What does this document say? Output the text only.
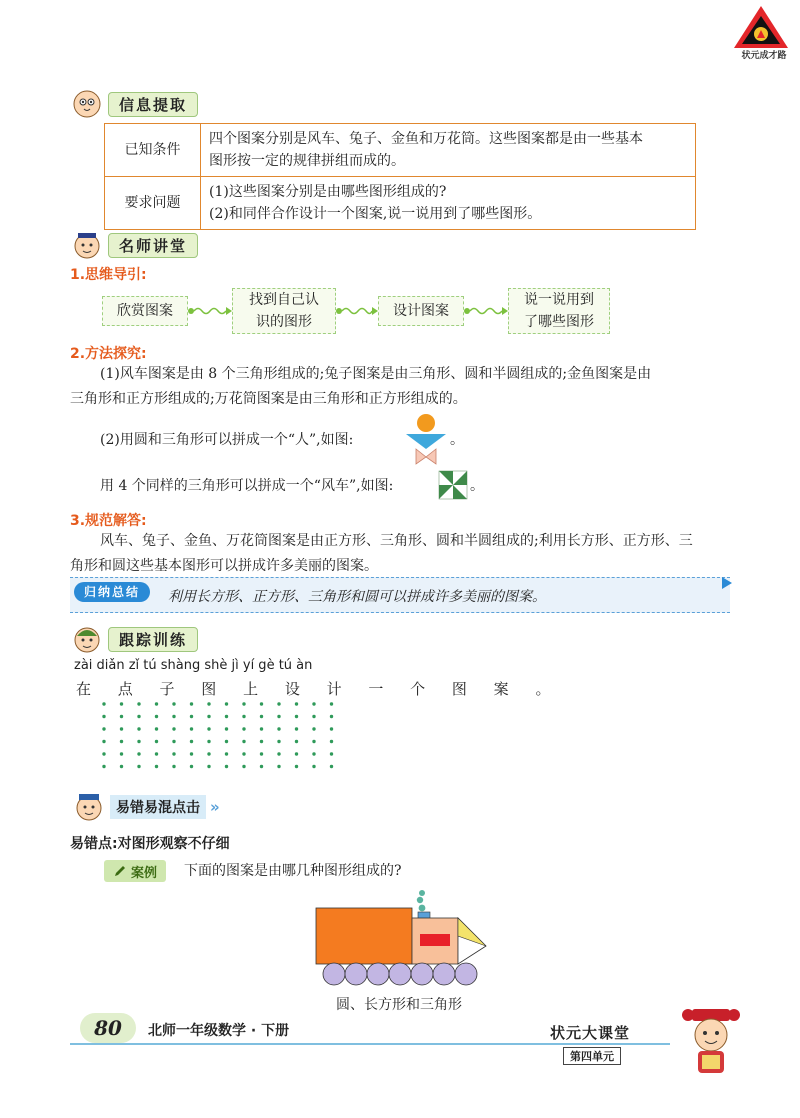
状元成才路
信息提取
已知条件	四个图案分别是风车、兔子、金鱼和万花筒。这些图案都是由一些基本
图形按一定的规律拼组而成的。

要求问题	(1)这些图案分别是由哪些图形组成的?
(2)和同伴合作设计一个图案,说一说用到了哪些图形。
名师讲堂
1.思维导引:
欣赏图案
找到自己认
识的图形
设计图案
说一说用到
了哪些图形
2.方法探究:
(1)风车图案是由 8 个三角形组成的;兔子图案是由三角形、圆和半圆组成的;金鱼图案是由
三角形和正方形组成的;万花筒图案是由三角形和正方形组成的。
(2)用圆和三角形可以拼成一个“人”,如图:	。
用 4 个同样的三角形可以拼成一个“风车”,如图:	。
3.规范解答:
风车、兔子、金鱼、万花筒图案是由正方形、三角形、圆和半圆组成的;利用长方形、正方形、三
角形和圆这些基本图形可以拼成许多美丽的图案。
归纳总结	利用长方形、正方形、三角形和圆可以拼成许多美丽的图案。
跟踪训练
zài diǎn zǐ tú shàng shè jì yí gè tú àn
在 点 子 图 上 设 计 一 个 图 案 。
易错易混点击 »
易错点:对图形观察不仔细
案例 下面的图案是由哪几种图形组成的?
圆、长方形和三角形
80	北师一年级数学 · 下册	状元大课堂
第四单元
